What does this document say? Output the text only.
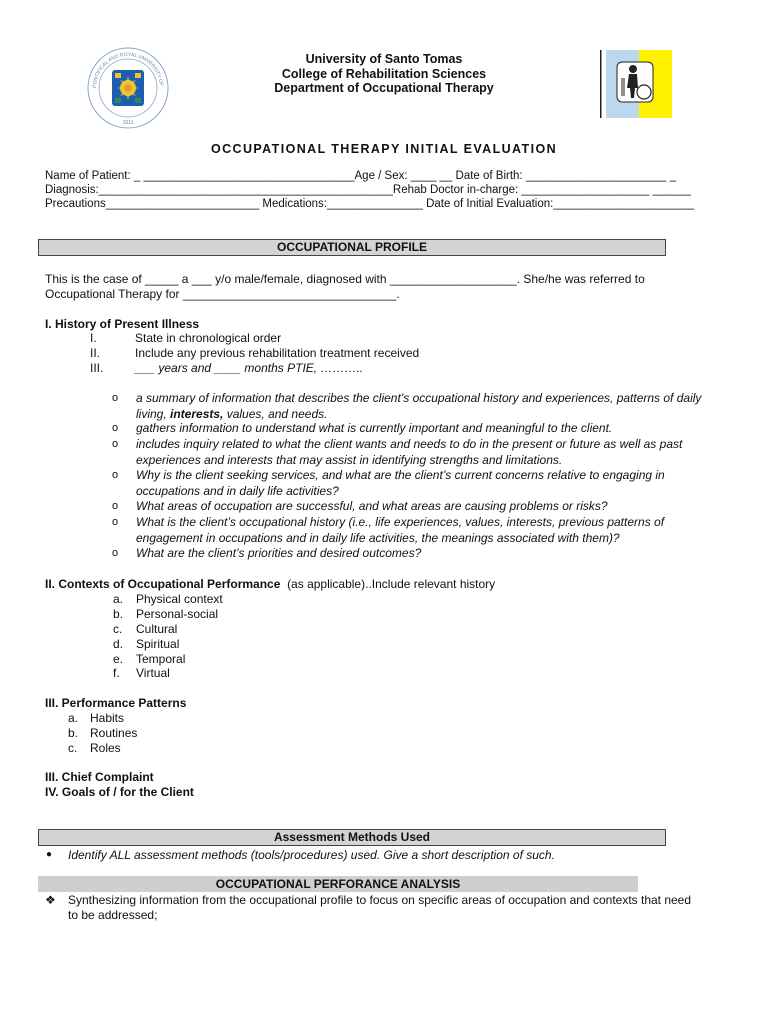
PONTIFICAL AND ROYAL UNIVERSITY OF
1611
University of Santo Tomas
College of Rehabilitation Sciences
Department of Occupational Therapy
OCCUPATIONAL THERAPY INITIAL EVALUATION
Name of Patient: _ _________________________________Age / Sex: ____ __ Date of Birth: ______________________ _
Diagnosis:______________________________________________Rehab Doctor in-charge: ____________________ ______
Precautions________________________ Medications:_______________ Date of Initial Evaluation:______________________
OCCUPATIONAL PROFILE
This is the case of _____ a ___ y/o male/female, diagnosed with ___________________. She/he was referred to
Occupational Therapy for ________________________________.
I. History of Present Illness
I.	State in chronological order
II.	Include any previous rehabilitation treatment received
III.	___ years and ____ months PTIE, ………..
o a summary of information that describes the client’s occupational history and experiences, patterns of daily living, interests, values, and needs.
o gathers information to understand what is currently important and meaningful to the client.
o includes inquiry related to what the client wants and needs to do in the present or future as well as past experiences and interests that may assist in identifying strengths and limitations.
o Why is the client seeking services, and what are the client’s current concerns relative to engaging in occupations and in daily life activities?
o What areas of occupation are successful, and what areas are causing problems or risks?
o What is the client’s occupational history (i.e., life experiences, values, interests, previous patterns of engagement in occupations and in daily life activities, the meanings associated with them)?
o What are the client’s priorities and desired outcomes?
II. Contexts of Occupational Performance (as applicable)..Include relevant history
a. Physical context
b. Personal-social
c. Cultural
d. Spiritual
e. Temporal
f. Virtual
III. Performance Patterns
a. Habits
b. Routines
c. Roles
III. Chief Complaint
IV. Goals of / for the Client
Assessment Methods Used
● Identify ALL assessment methods (tools/procedures) used. Give a short description of such.
OCCUPATIONAL PERFORANCE ANALYSIS
❖ Synthesizing information from the occupational profile to focus on specific areas of occupation and contexts that need
to be addressed;
